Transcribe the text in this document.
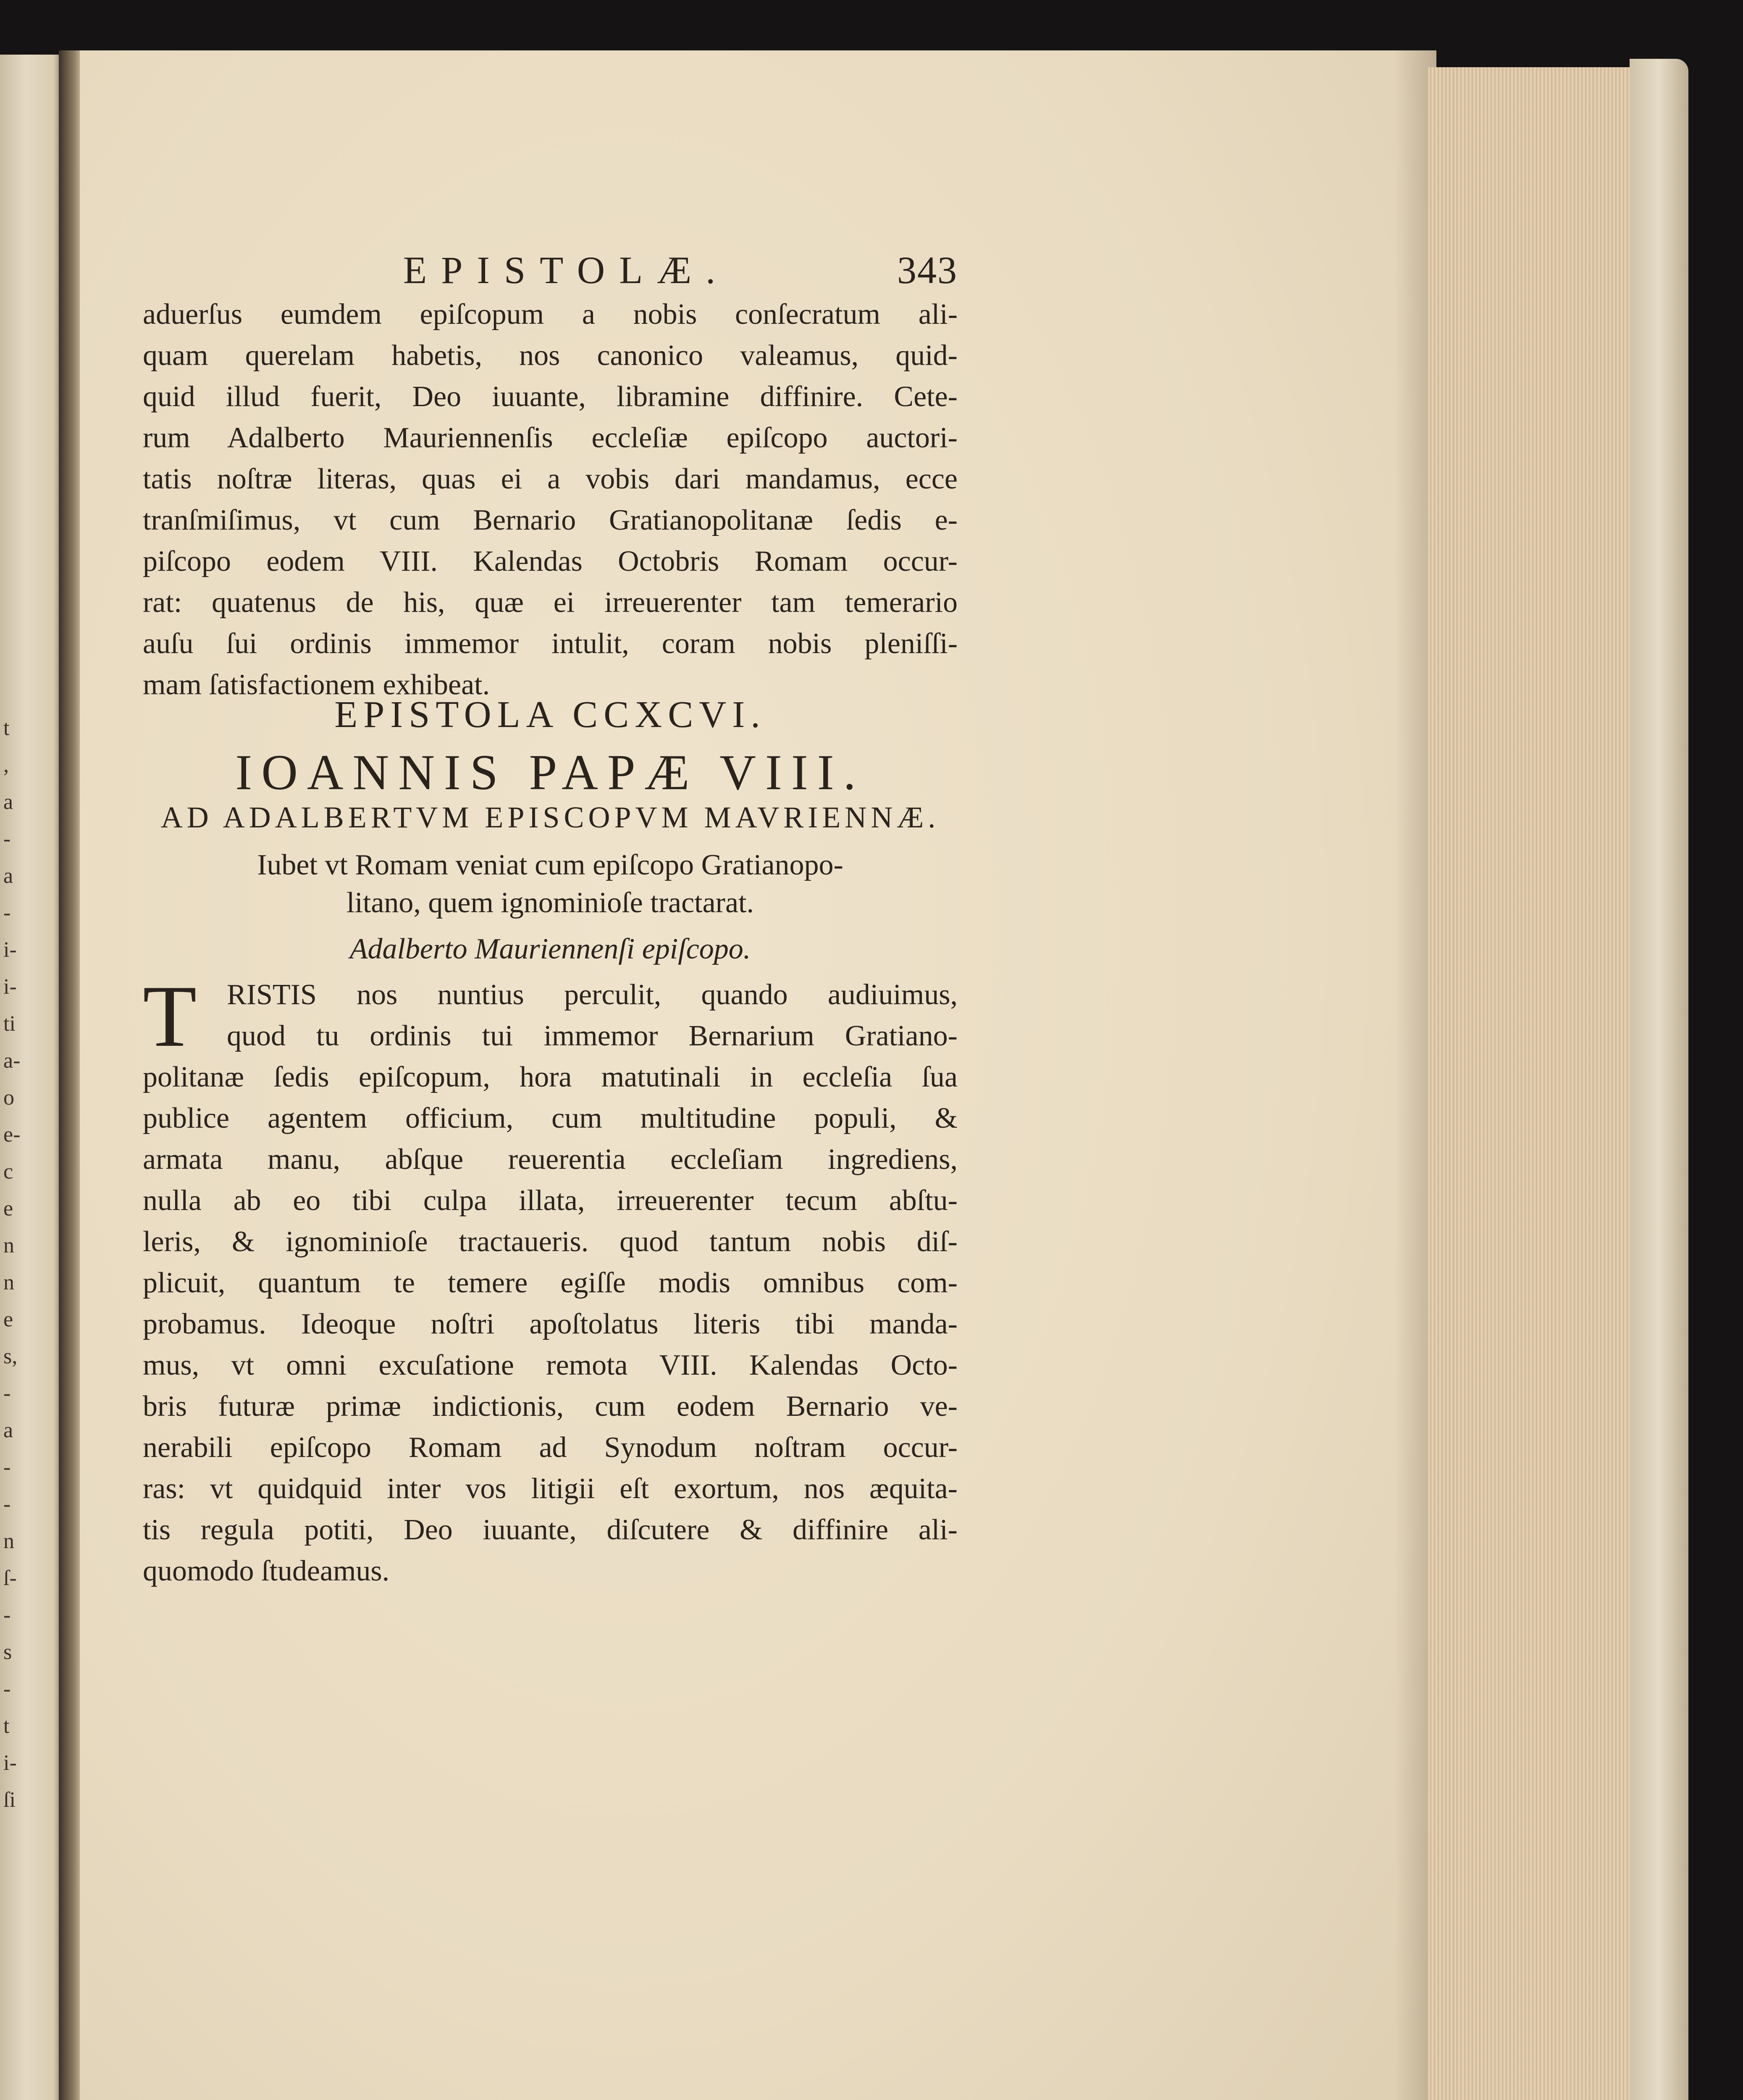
t
,
a
-
a
-
i-
i-
ti
a-
o
e-
c
e
n
n
e
s,
-
a
-
-
n
ſ-
-
s
-
t
i-
ſi
EPISTOLÆ.	343
aduerſus eumdem epiſcopum a nobis conſecratum ali-
quam querelam habetis, nos canonico valeamus, quid-
quid illud fuerit, Deo iuuante, libramine diffinire. Cete-
rum Adalberto Mauriennenſis eccleſiæ epiſcopo auctori-
tatis noſtræ literas, quas ei a vobis dari mandamus, ecce
tranſmiſimus, vt cum Bernario Gratianopolitanæ ſedis e-
piſcopo eodem VIII. Kalendas Octobris Romam occur-
rat: quatenus de his, quæ ei irreuerenter tam temerario
auſu ſui ordinis immemor intulit, coram nobis pleniſſi-
mam ſatisfactionem exhibeat.
EPISTOLA CCXCVI.
IOANNIS PAPÆ VIII.
AD ADALBERTVM EPISCOPVM MAVRIENNÆ.
Iubet vt Romam veniat cum epiſcopo Gratianopo-
litano, quem ignominioſe tractarat.
Adalberto Mauriennenſi epiſcopo.
T	RISTIS nos nuntius perculit, quando audiuimus,
quod tu ordinis tui immemor Bernarium Gratiano-
politanæ ſedis epiſcopum, hora matutinali in eccleſia ſua
publice agentem officium, cum multitudine populi, &
armata manu, abſque reuerentia eccleſiam ingrediens,
nulla ab eo tibi culpa illata, irreuerenter tecum abſtu-
leris, & ignominioſe tractaueris. quod tantum nobis diſ-
plicuit, quantum te temere egiſſe modis omnibus com-
probamus. Ideoque noſtri apoſtolatus literis tibi manda-
mus, vt omni excuſatione remota VIII. Kalendas Octo-
bris futuræ primæ indictionis, cum eodem Bernario ve-
nerabili epiſcopo Romam ad Synodum noſtram occur-
ras: vt quidquid inter vos litigii eſt exortum, nos æquita-
tis regula potiti, Deo iuuante, diſcutere & diffinire ali-
quomodo ſtudeamus.
